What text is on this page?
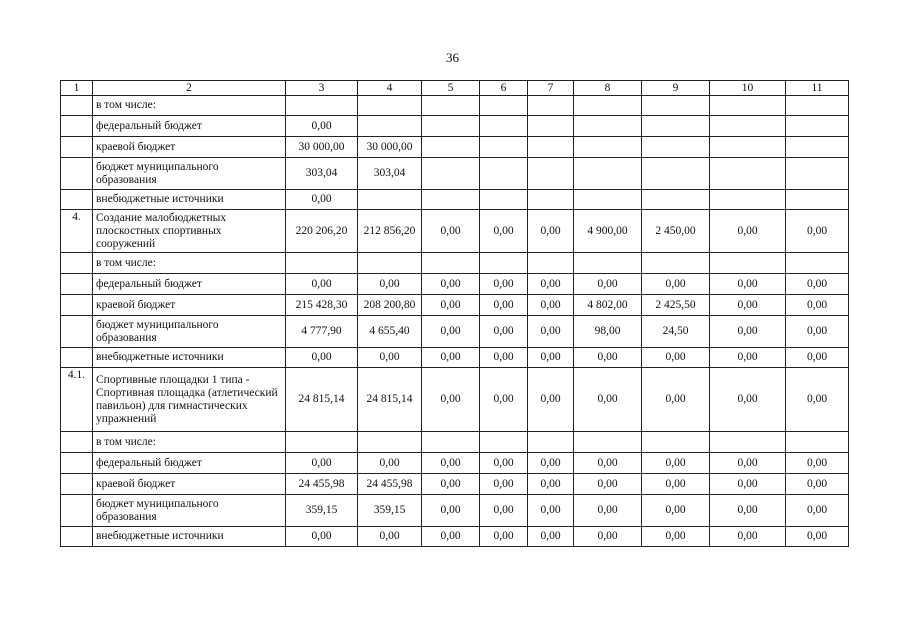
36
1	2	3	4	5	6	7	8	9	10	11
	в том числе:									
	федеральный бюджет	0,00								
	краевой бюджет	30 000,00	30 000,00							
	бюджет муниципального образования	303,04	303,04							
	внебюджетные источники	0,00								
4.	Создание малобюджетных плоскостных спортивных сооружений	220 206,20	212 856,20	0,00	0,00	0,00	4 900,00	2 450,00	0,00	0,00
	в том числе:									
	федеральный бюджет	0,00	0,00	0,00	0,00	0,00	0,00	0,00	0,00	0,00
	краевой бюджет	215 428,30	208 200,80	0,00	0,00	0,00	4 802,00	2 425,50	0,00	0,00
	бюджет муниципального образования	4 777,90	4 655,40	0,00	0,00	0,00	98,00	24,50	0,00	0,00
	внебюджетные источники	0,00	0,00	0,00	0,00	0,00	0,00	0,00	0,00	0,00
4.1.	Спортивные площадки 1 типа - Спортивная площадка (атлетический павильон) для гимнастических упражнений	24 815,14	24 815,14	0,00	0,00	0,00	0,00	0,00	0,00	0,00
	в том числе:									
	федеральный бюджет	0,00	0,00	0,00	0,00	0,00	0,00	0,00	0,00	0,00
	краевой бюджет	24 455,98	24 455,98	0,00	0,00	0,00	0,00	0,00	0,00	0,00
	бюджет муниципального образования	359,15	359,15	0,00	0,00	0,00	0,00	0,00	0,00	0,00
	внебюджетные источники	0,00	0,00	0,00	0,00	0,00	0,00	0,00	0,00	0,00
